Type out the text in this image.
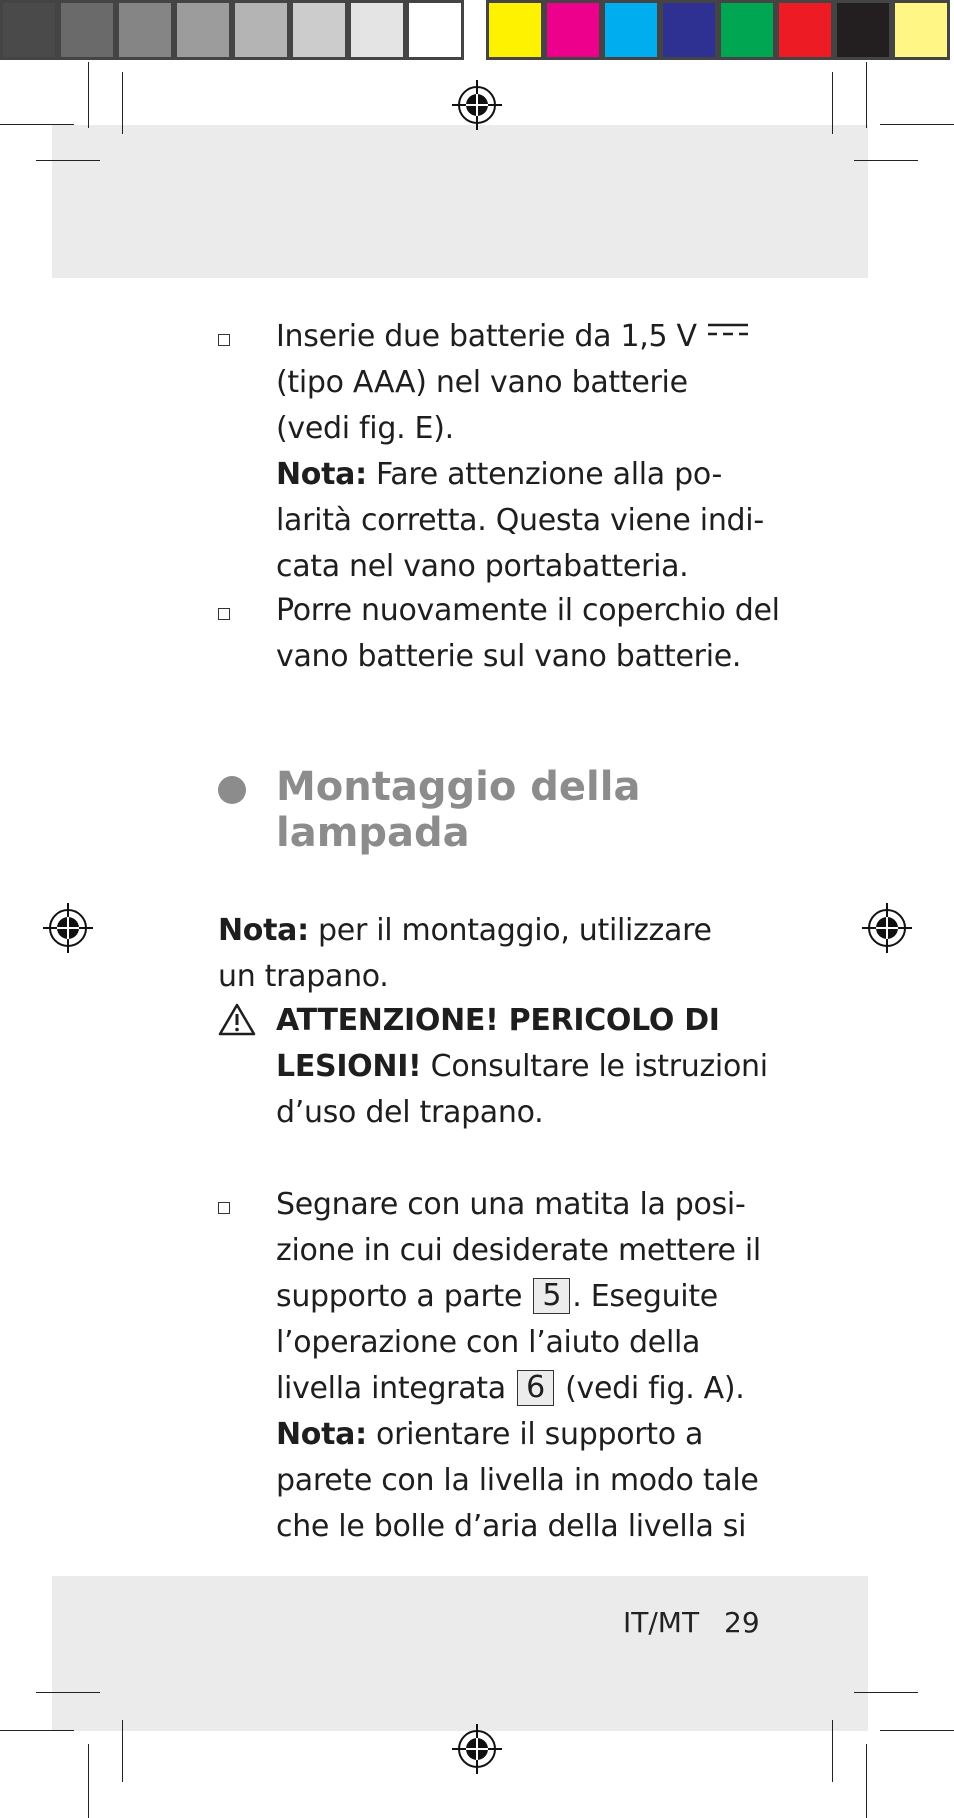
Inserie due batterie da 1,5 V
(tipo AAA) nel vano batterie
(vedi fig. E).
Nota: Fare attenzione alla po-
larità corretta. Questa viene indi-
cata nel vano portabatteria.
Porre nuovamente il coperchio del
vano batterie sul vano batterie.
Montaggio della
lampada
Nota: per il montaggio, utilizzare
un trapano.
ATTENZIONE! PERICOLO DI
LESIONI! Consultare le istruzioni
d’uso del trapano.
Segnare con una matita la posi-
zione in cui desiderate mettere il
supporto a parte 5 . Eseguite
l’operazione con l’aiuto della
livella integrata 6 (vedi fig. A).
Nota: orientare il supporto a
parete con la livella in modo tale
che le bolle d’aria della livella si
IT/MT 29
